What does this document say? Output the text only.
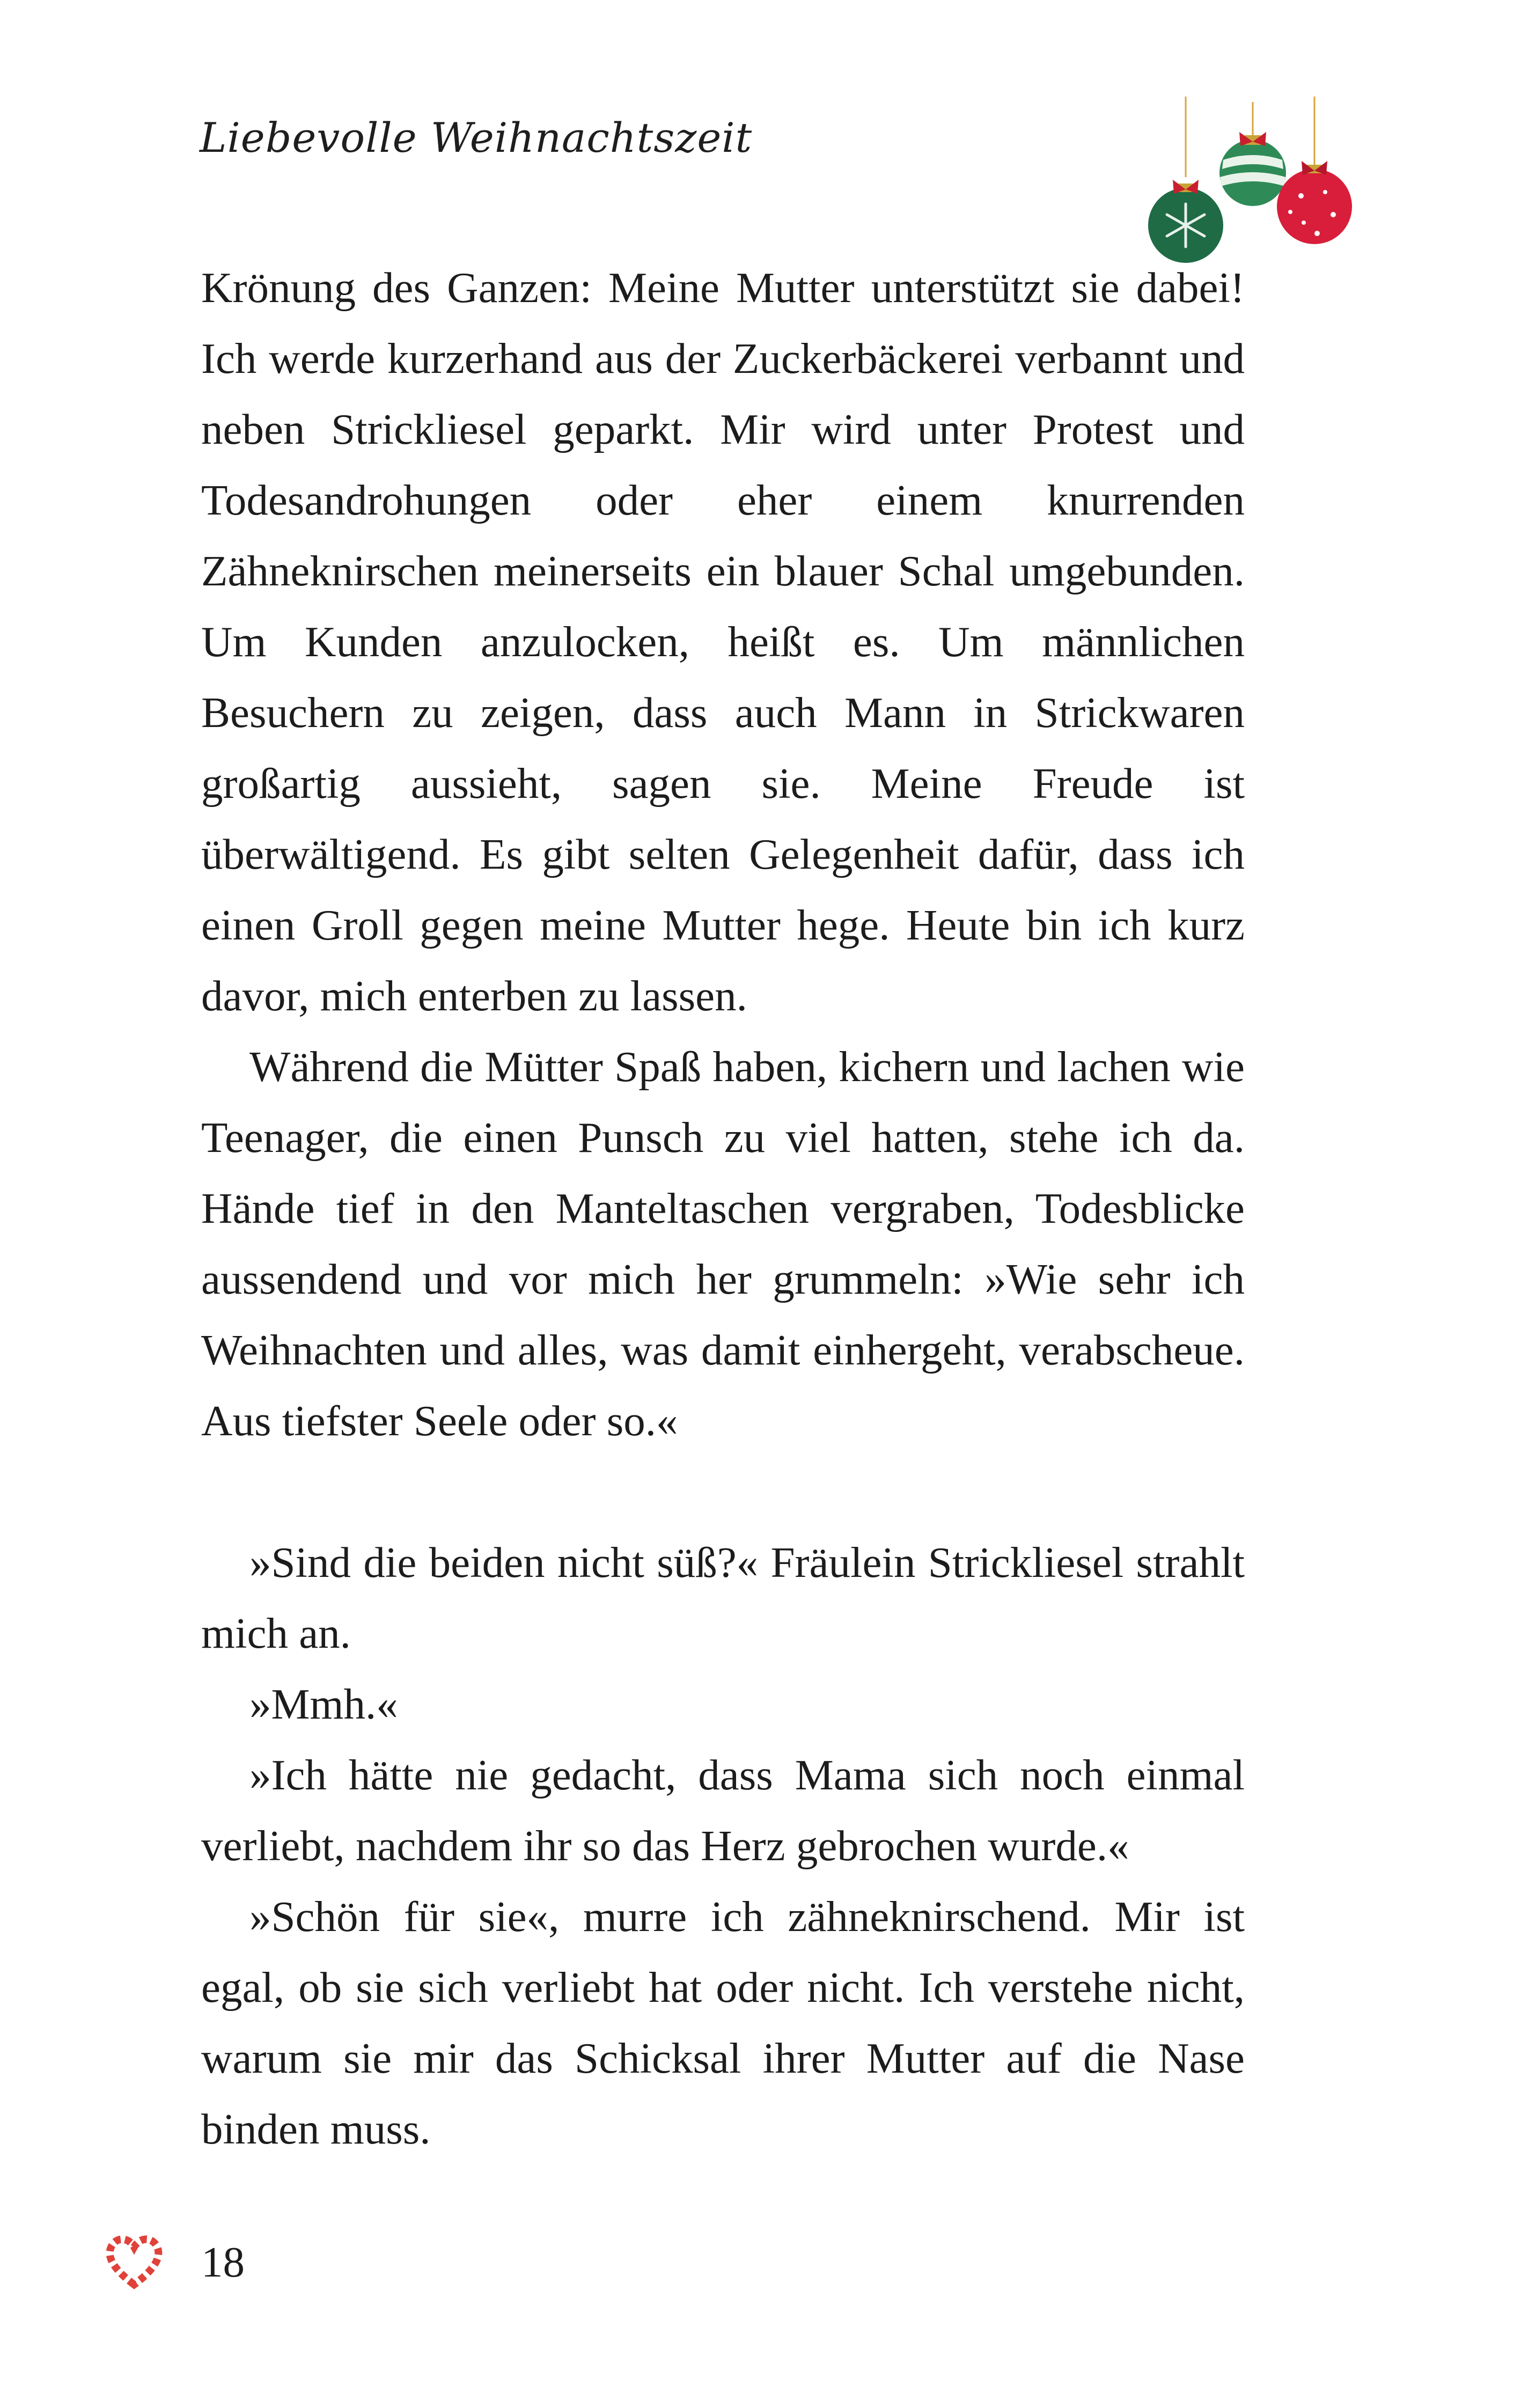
Liebevolle Weihnachtszeit

Krönung des Ganzen: Meine Mutter unterstützt sie dabei! Ich werde kurzerhand aus der Zuckerbäckerei verbannt und neben Strickliesel geparkt. Mir wird unter Protest und Todesandrohungen oder eher einem knurrenden Zähneknirschen meinerseits ein blauer Schal umgebunden. Um Kunden anzulocken, heißt es. Um männlichen Besuchern zu zeigen, dass auch Mann in Strickwaren großartig aussieht, sagen sie. Meine Freude ist überwältigend. Es gibt selten Gelegenheit dafür, dass ich einen Groll gegen meine Mutter hege. Heute bin ich kurz davor, mich enterben zu lassen.

Während die Mütter Spaß haben, kichern und lachen wie Teenager, die einen Punsch zu viel hatten, stehe ich da. Hände tief in den Manteltaschen vergraben, Todesblicke aussendend und vor mich her grummeln: »Wie sehr ich Weihnachten und alles, was damit einhergeht, verabscheue. Aus tiefster Seele oder so.«

»Sind die beiden nicht süß?« Fräulein Strickliesel strahlt mich an.

»Mmh.«

»Ich hätte nie gedacht, dass Mama sich noch einmal verliebt, nachdem ihr so das Herz gebrochen wurde.«

»Schön für sie«, murre ich zähneknirschend. Mir ist egal, ob sie sich verliebt hat oder nicht. Ich verstehe nicht, warum sie mir das Schicksal ihrer Mutter auf die Nase binden muss.

18
